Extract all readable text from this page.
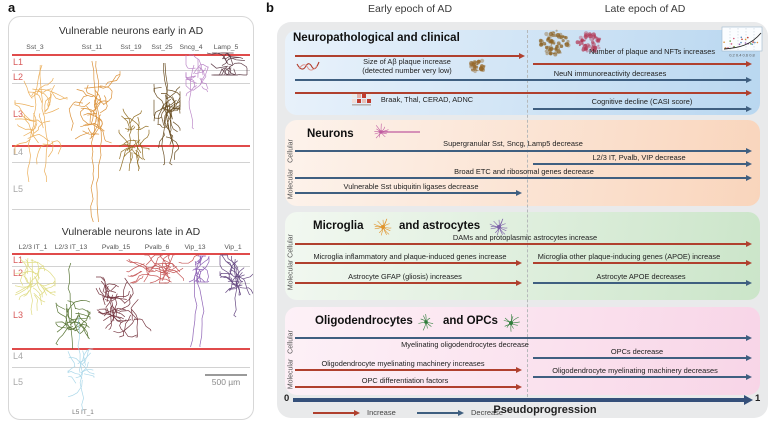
a	b
Vulnerable neurons early in AD
Sst_3	Sst_11	Sst_19 Sst_25 Sncg_4 Lamp_5
L1
L2
L3
L4
L5
Vulnerable neurons late in AD
L2/3 IT_1 L2/3 IT_13 Pvalb_15 Pvalb_6 Vip_13	Vip_1
L1
L2
L3
L4
L5	500 µm
L5 IT_1
Early epoch of AD	Late epoch of AD
Neuropathological and clinical
Size of Aβ plaque increase
(detected number very low)
Number of plaque and NFTs increases	0.2 0.4 0.6 0.8
NeuN immunoreactivity decreases
Braak, Thal, CERAD, ADNC	Cognitive decline (CASI score)
Neurons
Cellular
Molecular
Supergranular Sst, Sncg, Lamp5 decrease
L2/3 IT, Pvalb, VIP decrease
Broad ETC and ribosomal genes decrease
Vulnerable Sst ubiquitin ligases decrease
Microglia	and astrocytes
Cellular
Molecular
DAMs and protoplasmic astrocytes increase
Microglia inflammatory and plaque-induced genes increase	Microglia other plaque-inducing genes (APOE) increase
Astrocyte GFAP (gliosis) increases	Astrocyte APOE decreases
Oligodendrocytes	and OPCs
Cellular
Molecular
Myelinating oligodendrocytes decrease
OPCs decrease
Oligodendrocyte myelinating machinery increases
Oligodendrocyte myelinating machinery decreases
OPC differentiation factors
0	1
Increase	Decrease
Pseudoprogression
